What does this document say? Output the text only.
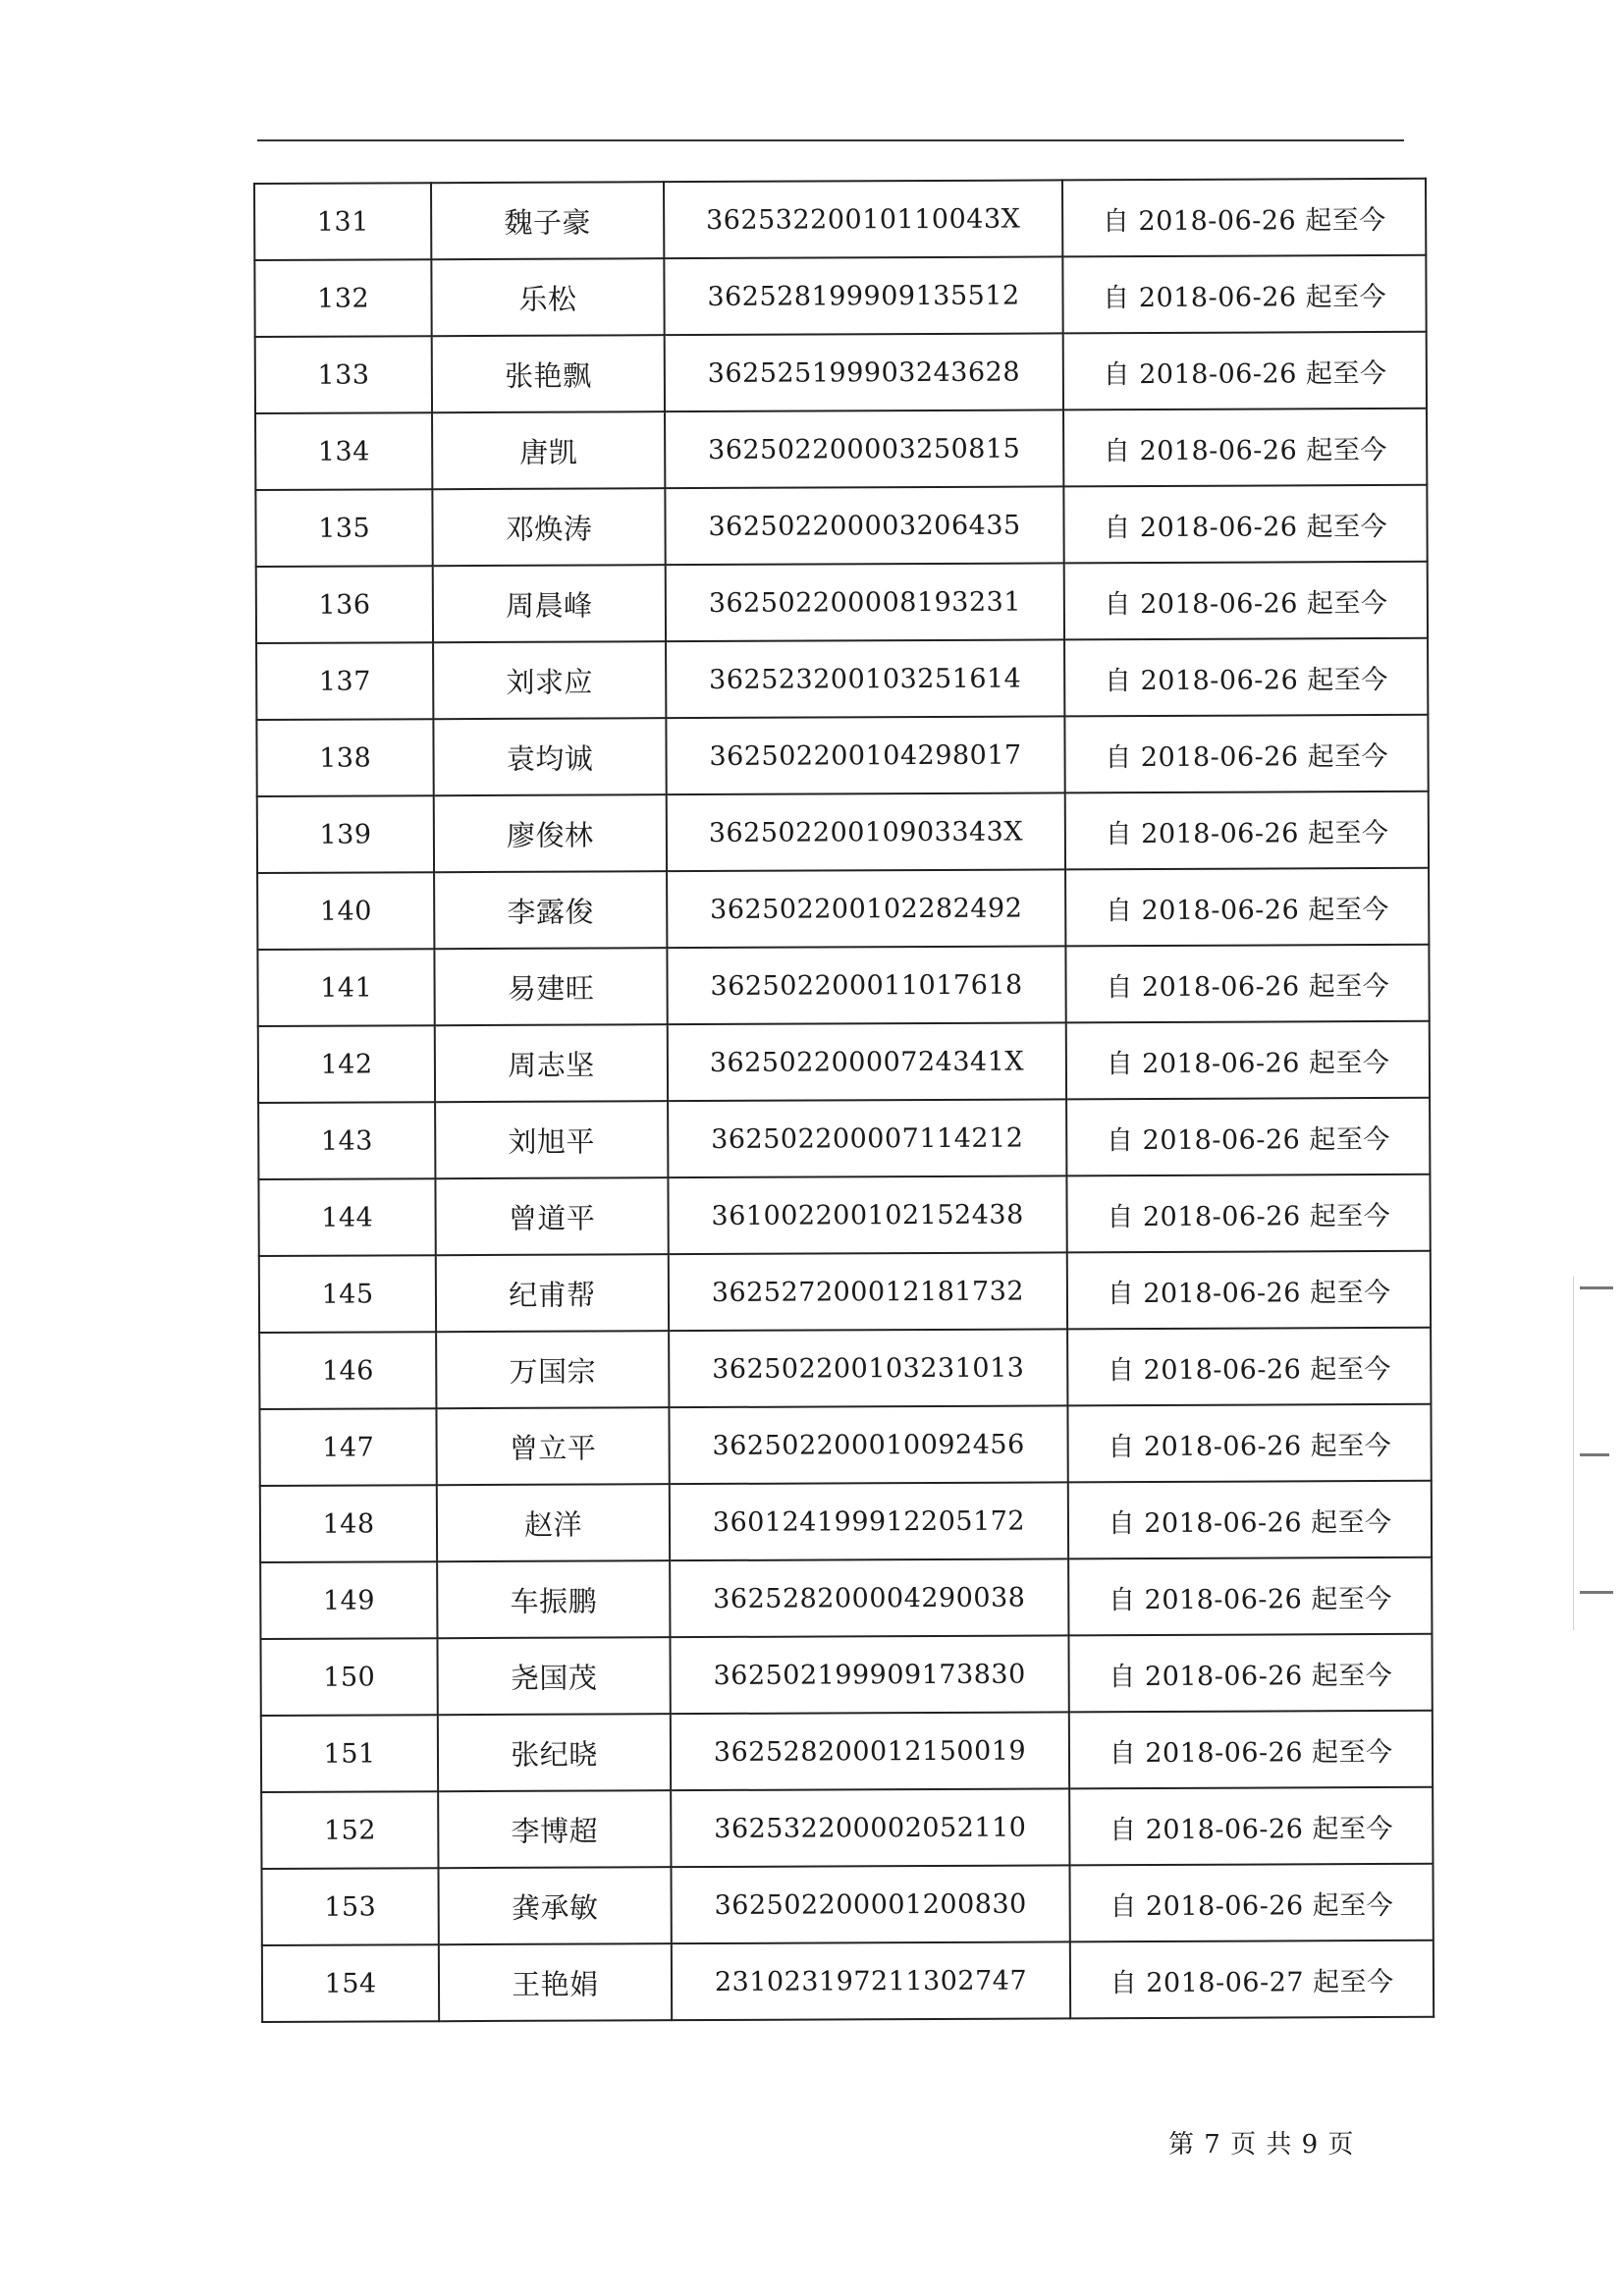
131	魏子豪	36253220010110043X	自 2018-06-26 起至今
132	乐松	362528199909135512	自 2018-06-26 起至今
133	张艳飘	362525199903243628	自 2018-06-26 起至今
134	唐凯	362502200003250815	自 2018-06-26 起至今
135	邓焕涛	362502200003206435	自 2018-06-26 起至今
136	周晨峰	362502200008193231	自 2018-06-26 起至今
137	刘求应	362523200103251614	自 2018-06-26 起至今
138	袁均诚	362502200104298017	自 2018-06-26 起至今
139	廖俊林	36250220010903343X	自 2018-06-26 起至今
140	李露俊	362502200102282492	自 2018-06-26 起至今
141	易建旺	362502200011017618	自 2018-06-26 起至今
142	周志坚	36250220000724341X	自 2018-06-26 起至今
143	刘旭平	362502200007114212	自 2018-06-26 起至今
144	曾道平	361002200102152438	自 2018-06-26 起至今
145	纪甫帮	362527200012181732	自 2018-06-26 起至今
146	万国宗	362502200103231013	自 2018-06-26 起至今
147	曾立平	362502200010092456	自 2018-06-26 起至今
148	赵洋	360124199912205172	自 2018-06-26 起至今
149	车振鹏	362528200004290038	自 2018-06-26 起至今
150	尧国茂	362502199909173830	自 2018-06-26 起至今
151	张纪晓	362528200012150019	自 2018-06-26 起至今
152	李博超	362532200002052110	自 2018-06-26 起至今
153	龚承敏	362502200001200830	自 2018-06-26 起至今
154	王艳娟	231023197211302747	自 2018-06-27 起至今
第 7 页 共 9 页
